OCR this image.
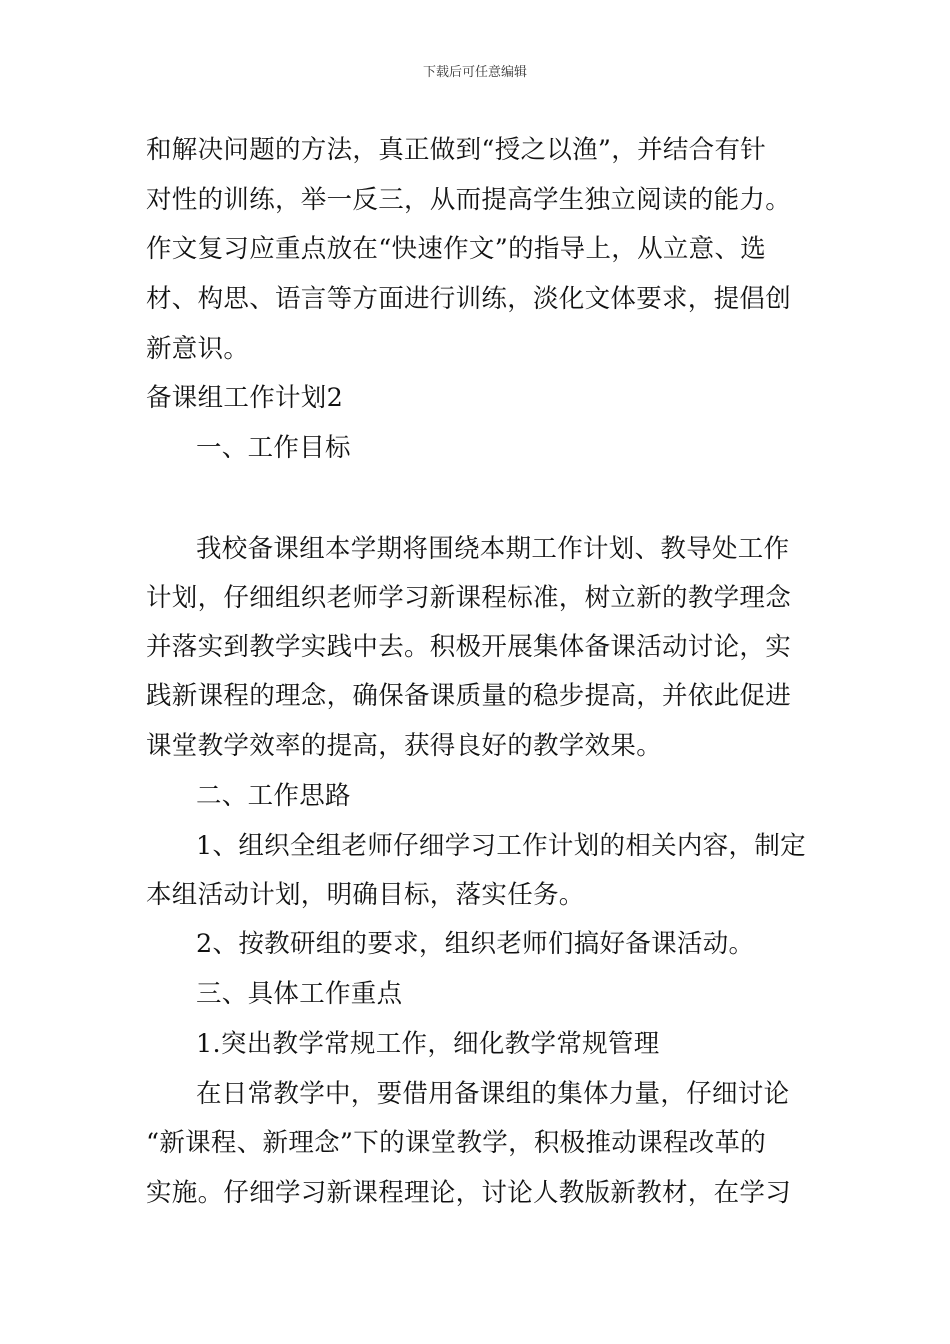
下载后可任意编辑
和解决问题的方法，真正做到“授之以渔”，并结合有针
对性的训练，举一反三，从而提高学生独立阅读的能力。
作文复习应重点放在“快速作文”的指导上，从立意、选
材、构思、语言等方面进行训练，淡化文体要求，提倡创
新意识。
备课组工作计划2
一、工作目标
我校备课组本学期将围绕本期工作计划、教导处工作
计划，仔细组织老师学习新课程标准，树立新的教学理念
并落实到教学实践中去。积极开展集体备课活动讨论，实
践新课程的理念，确保备课质量的稳步提高，并依此促进
课堂教学效率的提高，获得良好的教学效果。
二、工作思路
1、组织全组老师仔细学习工作计划的相关内容，制定
本组活动计划，明确目标，落实任务。
2、按教研组的要求，组织老师们搞好备课活动。
三、具体工作重点
1.突出教学常规工作，细化教学常规管理
在日常教学中，要借用备课组的集体力量，仔细讨论
“新课程、新理念”下的课堂教学，积极推动课程改革的
实施。仔细学习新课程理论，讨论人教版新教材，在学习
